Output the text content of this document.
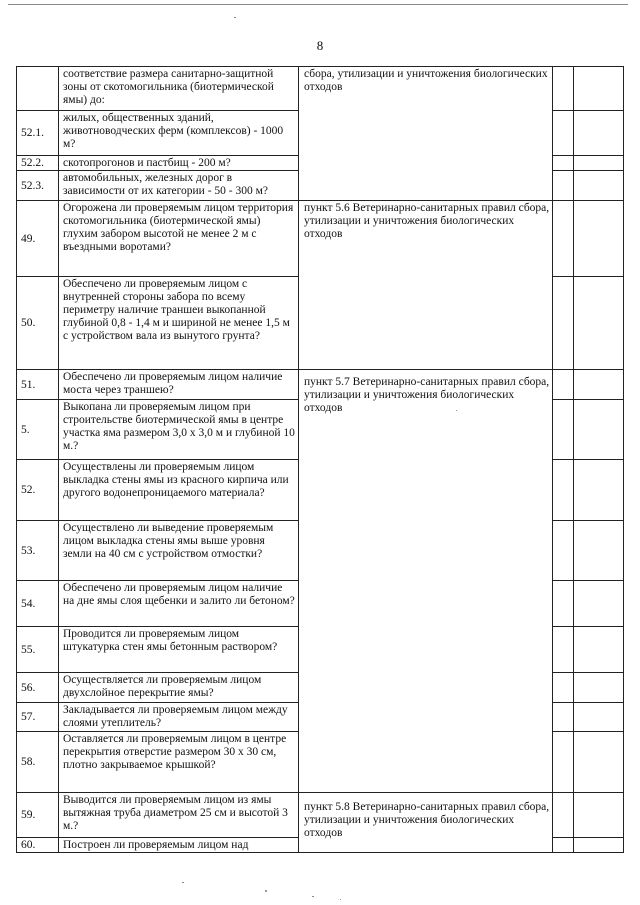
8
	соответствие размера санитарно-защитной зоны от скотомогильника (биотермической ямы) до:	сбора, утилизации и уничтожения биологических отходов		
52.1.	жилых, общественных зданий, животноводческих ферм (комплексов) - 1000 м?			
52.2.	скотопрогонов и пастбищ - 200 м?			
52.3.	автомобильных, железных дорог в зависимости от их категории - 50 - 300 м?			
49.	Огорожена ли проверяемым лицом территория скотомогильника (биотермической ямы) глухим забором высотой не менее 2 м с въездными воротами?	пункт 5.6 Ветеринарно-санитарных правил сбора, утилизации и уничтожения биологических отходов		
50.	Обеспечено ли проверяемым лицом с внутренней стороны забора по всему периметру наличие траншеи выкопанной глубиной 0,8 - 1,4 м и шириной не менее 1,5 м с устройством вала из вынутого грунта?			
51.	Обеспечено ли проверяемым лицом наличие моста через траншею?	пункт 5.7 Ветеринарно-санитарных правил сбора, утилизации и уничтожения биологических отходов		
5.	Выкопана ли проверяемым лицом при строительстве биотермической ямы в центре участка яма размером 3,0 х 3,0 м и глубиной 10 м.?			
52.	Осуществлены ли проверяемым лицом выкладка стены ямы из красного кирпича или другого водонепроницаемого материала?			
53.	Осуществлено ли выведение проверяемым лицом выкладка стены ямы выше уровня земли на 40 см с устройством отмостки?			
54.	Обеспечено ли проверяемым лицом наличие на дне ямы слоя щебенки и залито ли бетоном?			
55.	Проводится ли проверяемым лицом штукатурка стен ямы бетонным раствором?			
56.	Осуществляется ли проверяемым лицом двухслойное перекрытие ямы?			
57.	Закладывается ли проверяемым лицом между слоями утеплитель?			
58.	Оставляется ли проверяемым лицом в центре перекрытия отверстие размером 30 х 30 см, плотно закрываемое крышкой?			
59.	Выводится ли проверяемым лицом из ямы вытяжная труба диаметром 25 см и высотой 3 м.?	пункт 5.8 Ветеринарно-санитарных правил сбора, утилизации и уничтожения биологических отходов		
60.	Построен ли проверяемым лицом над			
